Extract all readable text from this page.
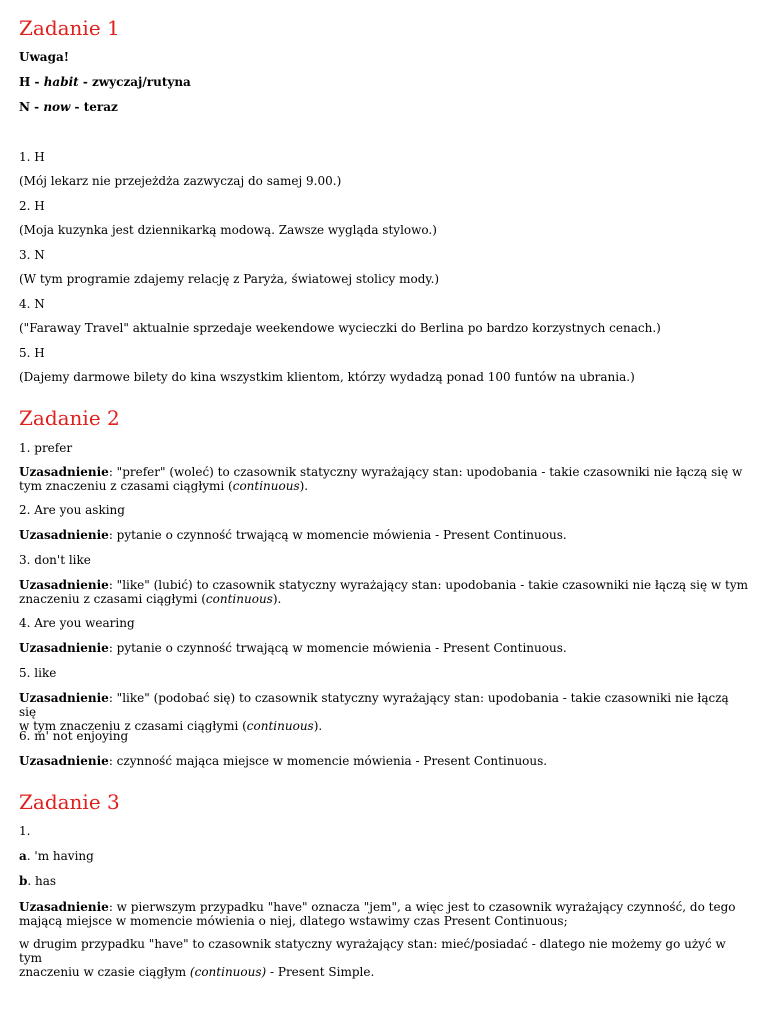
Zadanie 1

Uwaga!

H - habit - zwyczaj/rutyna

N - now - teraz

1. H

(Mój lekarz nie przejeżdża zazwyczaj do samej 9.00.)

2. H

(Moja kuzynka jest dziennikarką modową. Zawsze wygląda stylowo.)

3. N

(W tym programie zdajemy relację z Paryża, światowej stolicy mody.)

4. N

("Faraway Travel" aktualnie sprzedaje weekendowe wycieczki do Berlina po bardzo korzystnych cenach.)

5. H

(Dajemy darmowe bilety do kina wszystkim klientom, którzy wydadzą ponad 100 funtów na ubrania.)

Zadanie 2

1. prefer

Uzasadnienie: "prefer" (woleć) to czasownik statyczny wyrażający stan: upodobania - takie czasowniki nie łączą się w
tym znaczeniu z czasami ciągłymi (continuous).

2. Are you asking

Uzasadnienie: pytanie o czynność trwającą w momencie mówienia - Present Continuous.

3. don't like

Uzasadnienie: "like" (lubić) to czasownik statyczny wyrażający stan: upodobania - takie czasowniki nie łączą się w tym
znaczeniu z czasami ciągłymi (continuous).

4. Are you wearing

Uzasadnienie: pytanie o czynność trwającą w momencie mówienia - Present Continuous.

5. like

Uzasadnienie: "like" (podobać się) to czasownik statyczny wyrażający stan: upodobania - takie czasowniki nie łączą się
w tym znaczeniu z czasami ciągłymi (continuous).

6. m' not enjoying

Uzasadnienie: czynność mająca miejsce w momencie mówienia - Present Continuous.

Zadanie 3

1.

a. 'm having

b. has

Uzasadnienie: w pierwszym przypadku "have" oznacza "jem", a więc jest to czasownik wyrażający czynność, do tego
mającą miejsce w momencie mówienia o niej, dlatego wstawimy czas Present Continuous;

w drugim przypadku "have" to czasownik statyczny wyrażający stan: mieć/posiadać - dlatego nie możemy go użyć w tym
znaczeniu w czasie ciągłym (continuous) - Present Simple.
